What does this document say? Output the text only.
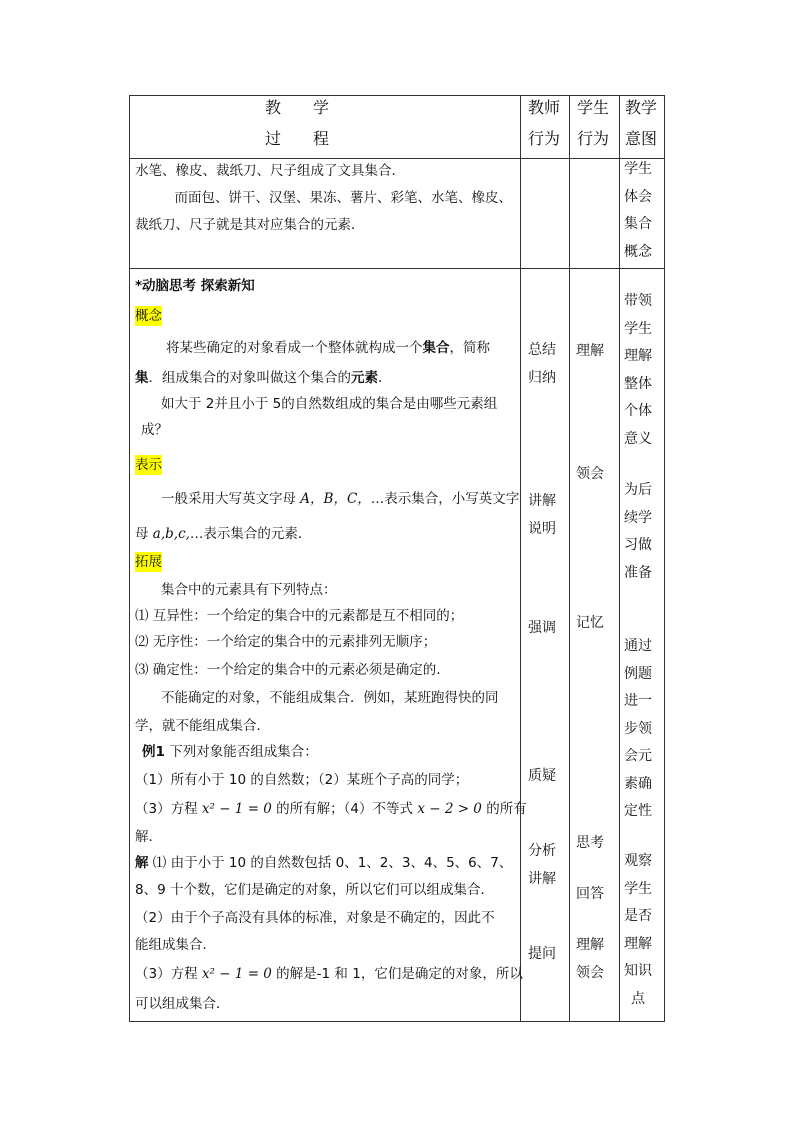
教　　学
过　　程
教师
行为
学生
行为
教学
意图
水笔、橡皮、裁纸刀、尺子组成了文具集合．
　而面包、饼干、汉堡、果冻、薯片、彩笔、水笔、橡皮、
裁纸刀、尺子就是其对应集合的元素．
学生
体会
集合
概念
*动脑思考 探索新知
概念
将某些确定的对象看成一个整体就构成一个集合，简称
集．组成集合的对象叫做这个集合的元素．
如大于 2并且小于 5的自然数组成的集合是由哪些元素组
成？
表示
一般采用大写英文字母 A，B，C，…表示集合，小写英文字
母 a,b,c,…表示集合的元素．
拓展
集合中的元素具有下列特点：
⑴ 互异性：一个给定的集合中的元素都是互不相同的；
⑵ 无序性：一个给定的集合中的元素排列无顺序；
⑶ 确定性：一个给定的集合中的元素必须是确定的.
不能确定的对象，不能组成集合．例如，某班跑得快的同
学，就不能组成集合．
例1 下列对象能否组成集合：
（1）所有小于 10 的自然数；（2）某班个子高的同学；
（3）方程 x² − 1 = 0 的所有解；（4）不等式 x − 2 > 0 的所有
解．
解 ⑴ 由于小于 10 的自然数包括 0、1、2、3、4、5、6、7、
8、9 十个数，它们是确定的对象，所以它们可以组成集合．
（2）由于个子高没有具体的标准，对象是不确定的，因此不
能组成集合．
（3）方程 x² − 1 = 0 的解是-1 和 1，它们是确定的对象，所以
可以组成集合．
总结
归纳
讲解
说明
强调
质疑
分析
讲解
提问
理解
领会
记忆
思考
回答
理解
领会
带领
学生
理解
整体
个体
意义
为后
续学
习做
准备
通过
例题
进一
步领
会元
素确
定性
观察
学生
是否
理解
知识
点
